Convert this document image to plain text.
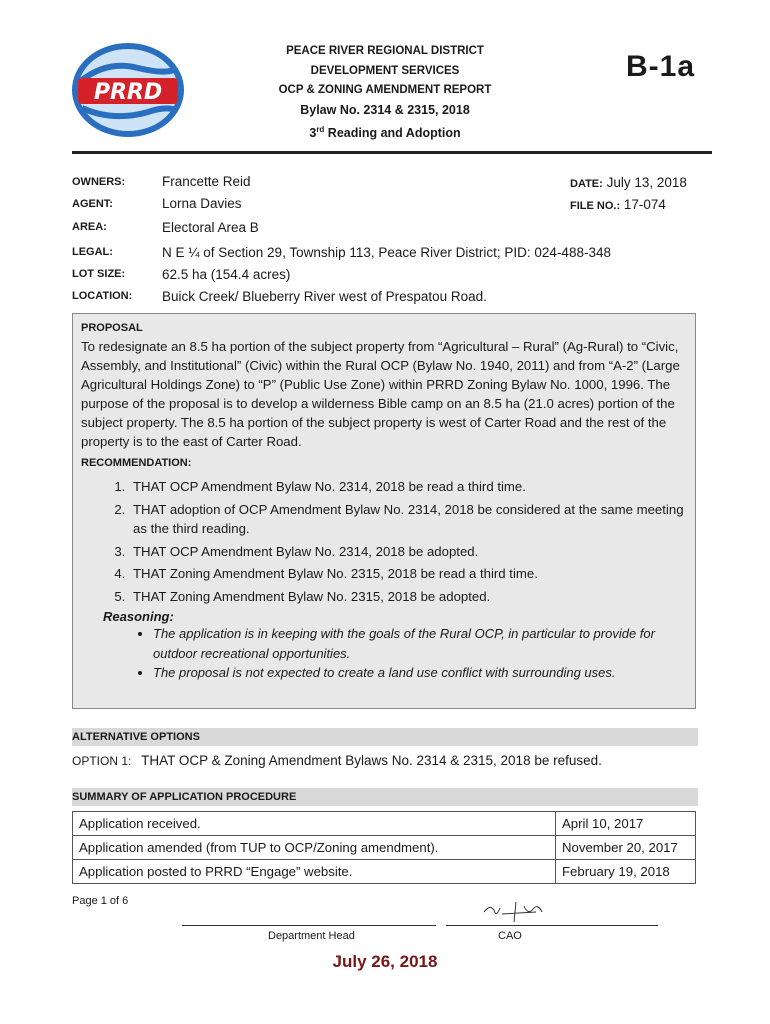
PRRD
PEACE RIVER REGIONAL DISTRICT
DEVELOPMENT SERVICES
OCP & ZONING AMENDMENT REPORT
Bylaw No. 2314 & 2315, 2018
3rd Reading and Adoption
B-1a
OWNERS:	Francette Reid
AGENT:	Lorna Davies
AREA:	Electoral Area B
LEGAL:	N E ¼ of Section 29, Township 113, Peace River District; PID: 024-488-348
LOT SIZE:	62.5 ha (154.4 acres)
LOCATION: Buick Creek/ Blueberry River west of Prespatou Road.
DATE: July 13, 2018
FILE NO.: 17-074
PROPOSAL
To redesignate an 8.5 ha portion of the subject property from “Agricultural – Rural” (Ag-Rural) to “Civic, Assembly, and Institutional” (Civic) within the Rural OCP (Bylaw No. 1940, 2011) and from “A-2” (Large Agricultural Holdings Zone) to “P” (Public Use Zone) within PRRD Zoning Bylaw No. 1000, 1996. The purpose of the proposal is to develop a wilderness Bible camp on an 8.5 ha (21.0 acres) portion of the subject property. The 8.5 ha portion of the subject property is west of Carter Road and the rest of the property is to the east of Carter Road.
RECOMMENDATION:
1. THAT OCP Amendment Bylaw No. 2314, 2018 be read a third time.
2. THAT adoption of OCP Amendment Bylaw No. 2314, 2018 be considered at the same meeting as the third reading.
3. THAT OCP Amendment Bylaw No. 2314, 2018 be adopted.
4. THAT Zoning Amendment Bylaw No. 2315, 2018 be read a third time.
5. THAT Zoning Amendment Bylaw No. 2315, 2018 be adopted.
Reasoning:
• The application is in keeping with the goals of the Rural OCP, in particular to provide for outdoor recreational opportunities.
• The proposal is not expected to create a land use conflict with surrounding uses.
ALTERNATIVE OPTIONS
OPTION 1: THAT OCP & Zoning Amendment Bylaws No. 2314 & 2315, 2018 be refused.
SUMMARY OF APPLICATION PROCEDURE
Application received.	April 10, 2017
Application amended (from TUP to OCP/Zoning amendment).	November 20, 2017
Application posted to PRRD “Engage” website.	February 19, 2018
Page 1 of 6
Department Head	CAO
July 26, 2018
